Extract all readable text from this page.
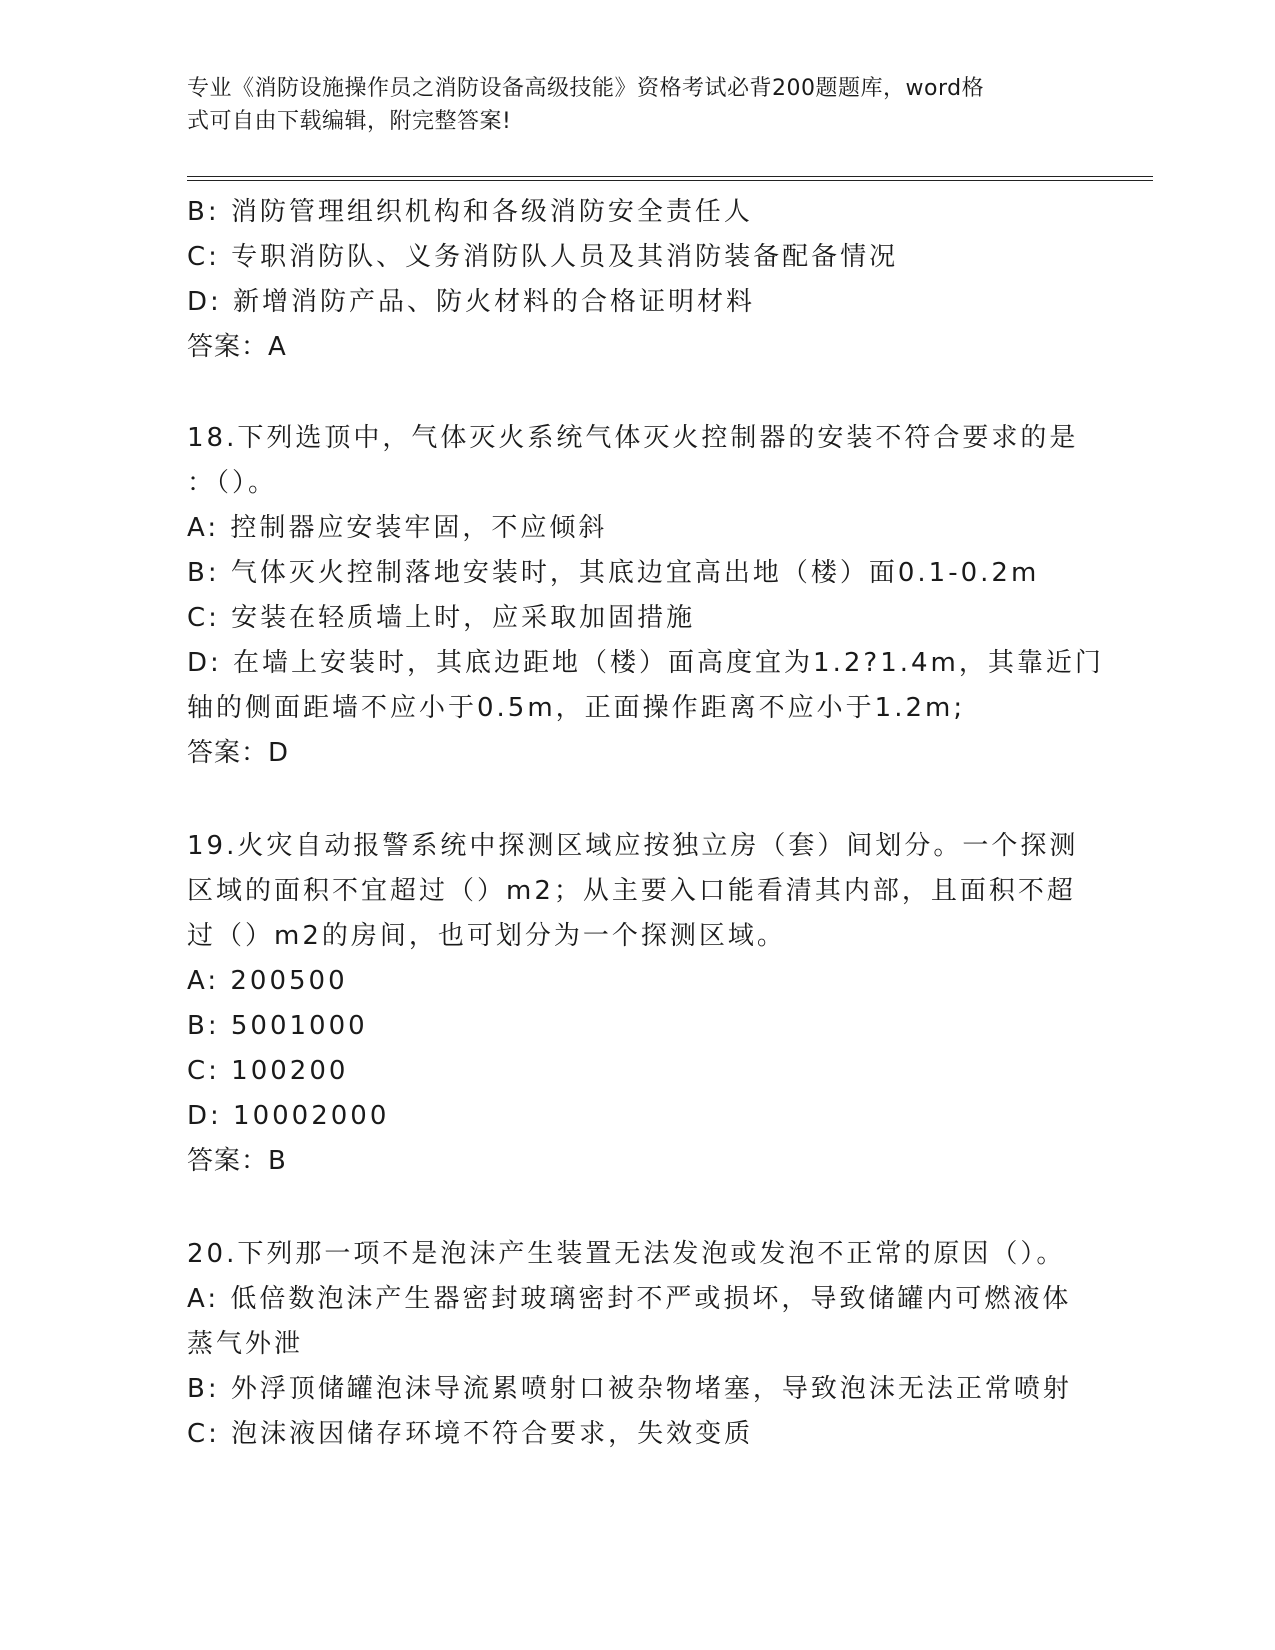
专业《消防设施操作员之消防设备高级技能》资格考试必背200题题库，word格
式可自由下载编辑，附完整答案!
B: 消防管理组织机构和各级消防安全责任人
C: 专职消防队、义务消防队人员及其消防装备配备情况
D: 新增消防产品、防火材料的合格证明材料
答案：A
18.下列选顶中，气体灭火系统气体灭火控制器的安装不符合要求的是
：（）。
A: 控制器应安装牢固，不应倾斜
B: 气体灭火控制落地安装时，其底边宜高出地（楼）面0.1-0.2m
C: 安装在轻质墙上时，应采取加固措施
D: 在墙上安装时，其底边距地（楼）面高度宜为1.2?1.4m，其靠近门
轴的侧面距墙不应小于0.5m，正面操作距离不应小于1.2m;
答案：D
19.火灾自动报警系统中探测区域应按独立房（套）间划分。一个探测
区域的面积不宜超过（）m2；从主要入口能看清其内部，且面积不超
过（）m2的房间，也可划分为一个探测区域。
A: 200500
B: 5001000
C: 100200
D: 10002000
答案：B
20.下列那一项不是泡沫产生装置无法发泡或发泡不正常的原因（）。
A: 低倍数泡沫产生器密封玻璃密封不严或损坏，导致储罐内可燃液体
蒸气外泄
B: 外浮顶储罐泡沫导流累喷射口被杂物堵塞，导致泡沫无法正常喷射
C: 泡沫液因储存环境不符合要求，失效变质
